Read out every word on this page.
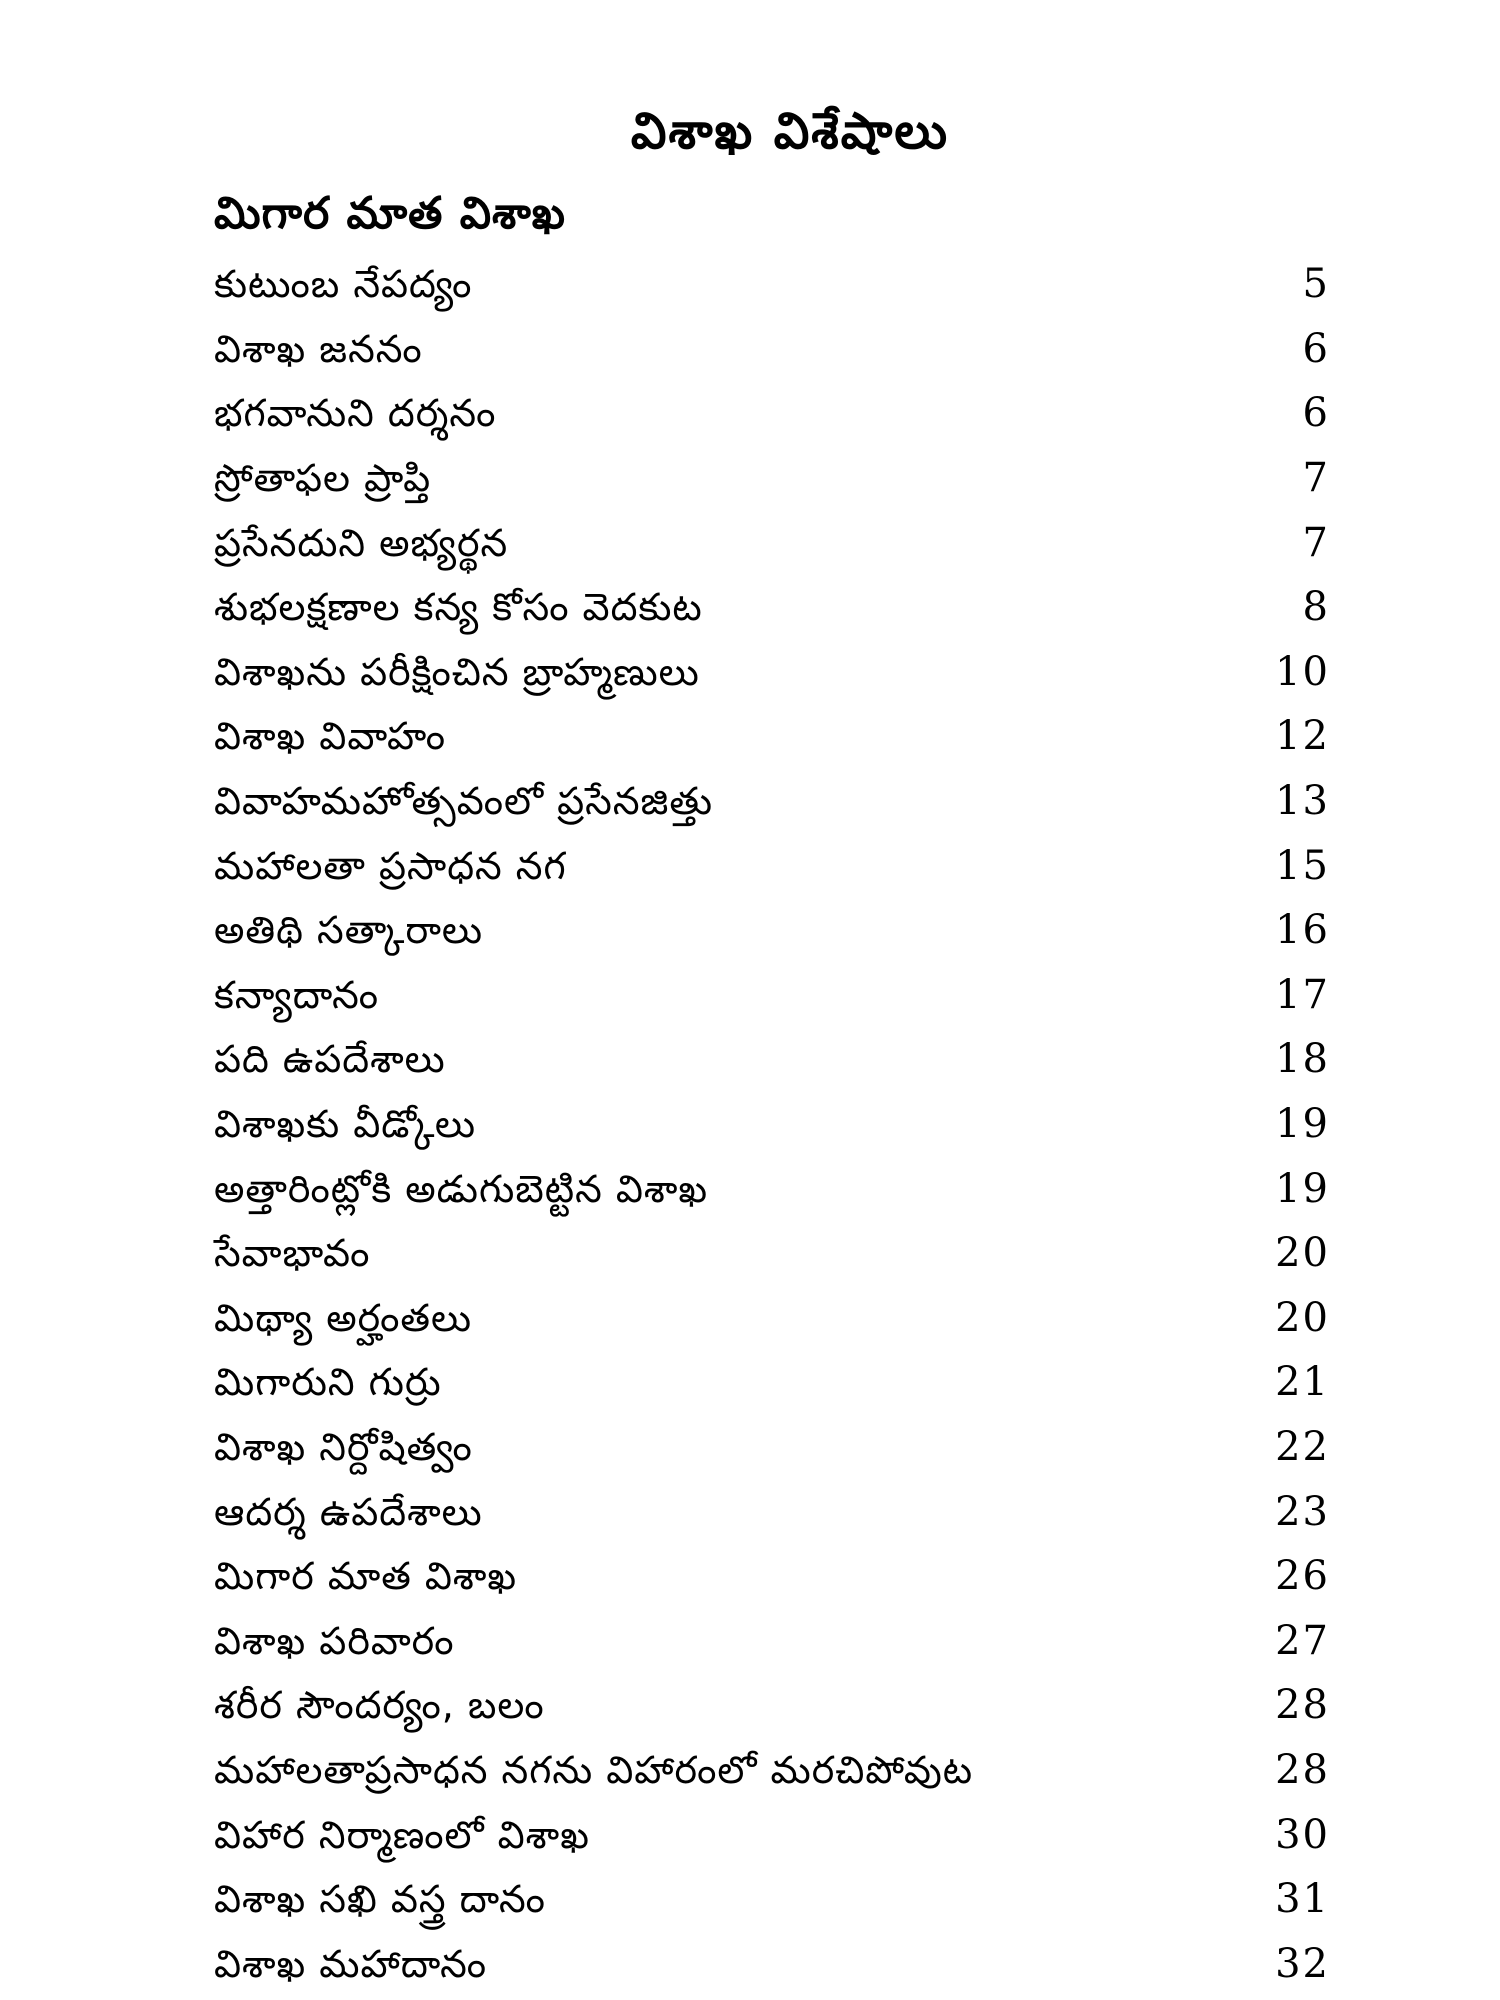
విశాఖ విశేషాలు
మిగార మాత విశాఖ
కుటుంబ నేపద్యం	5
విశాఖ జననం	6
భగవానుని దర్శనం	6
స్రోతాఫల ప్రాప్తి	7
ప్రసేనదుని అభ్యర్థన	7
శుభలక్షణాల కన్య కోసం వెదకుట	8
విశాఖను పరీక్షించిన బ్రాహ్మణులు	10
విశాఖ వివాహం	12
వివాహమహోత్సవంలో ప్రసేనజిత్తు	13
మహాలతా ప్రసాధన నగ	15
అతిథి సత్కారాలు	16
కన్యాదానం	17
పది ఉపదేశాలు	18
విశాఖకు వీడ్కోలు	19
అత్తారింట్లోకి అడుగుబెట్టిన విశాఖ	19
సేవాభావం	20
మిథ్యా అర్హంతలు	20
మిగారుని గుర్రు	21
విశాఖ నిర్దోషిత్వం	22
ఆదర్శ ఉపదేశాలు	23
మిగార మాత విశాఖ	26
విశాఖ పరివారం	27
శరీర సౌందర్యం, బలం	28
మహాలతాప్రసాధన నగను విహారంలో మరచిపోవుట	28
విహార నిర్మాణంలో విశాఖ	30
విశాఖ సఖి వస్త్ర దానం	31
విశాఖ మహాదానం	32
